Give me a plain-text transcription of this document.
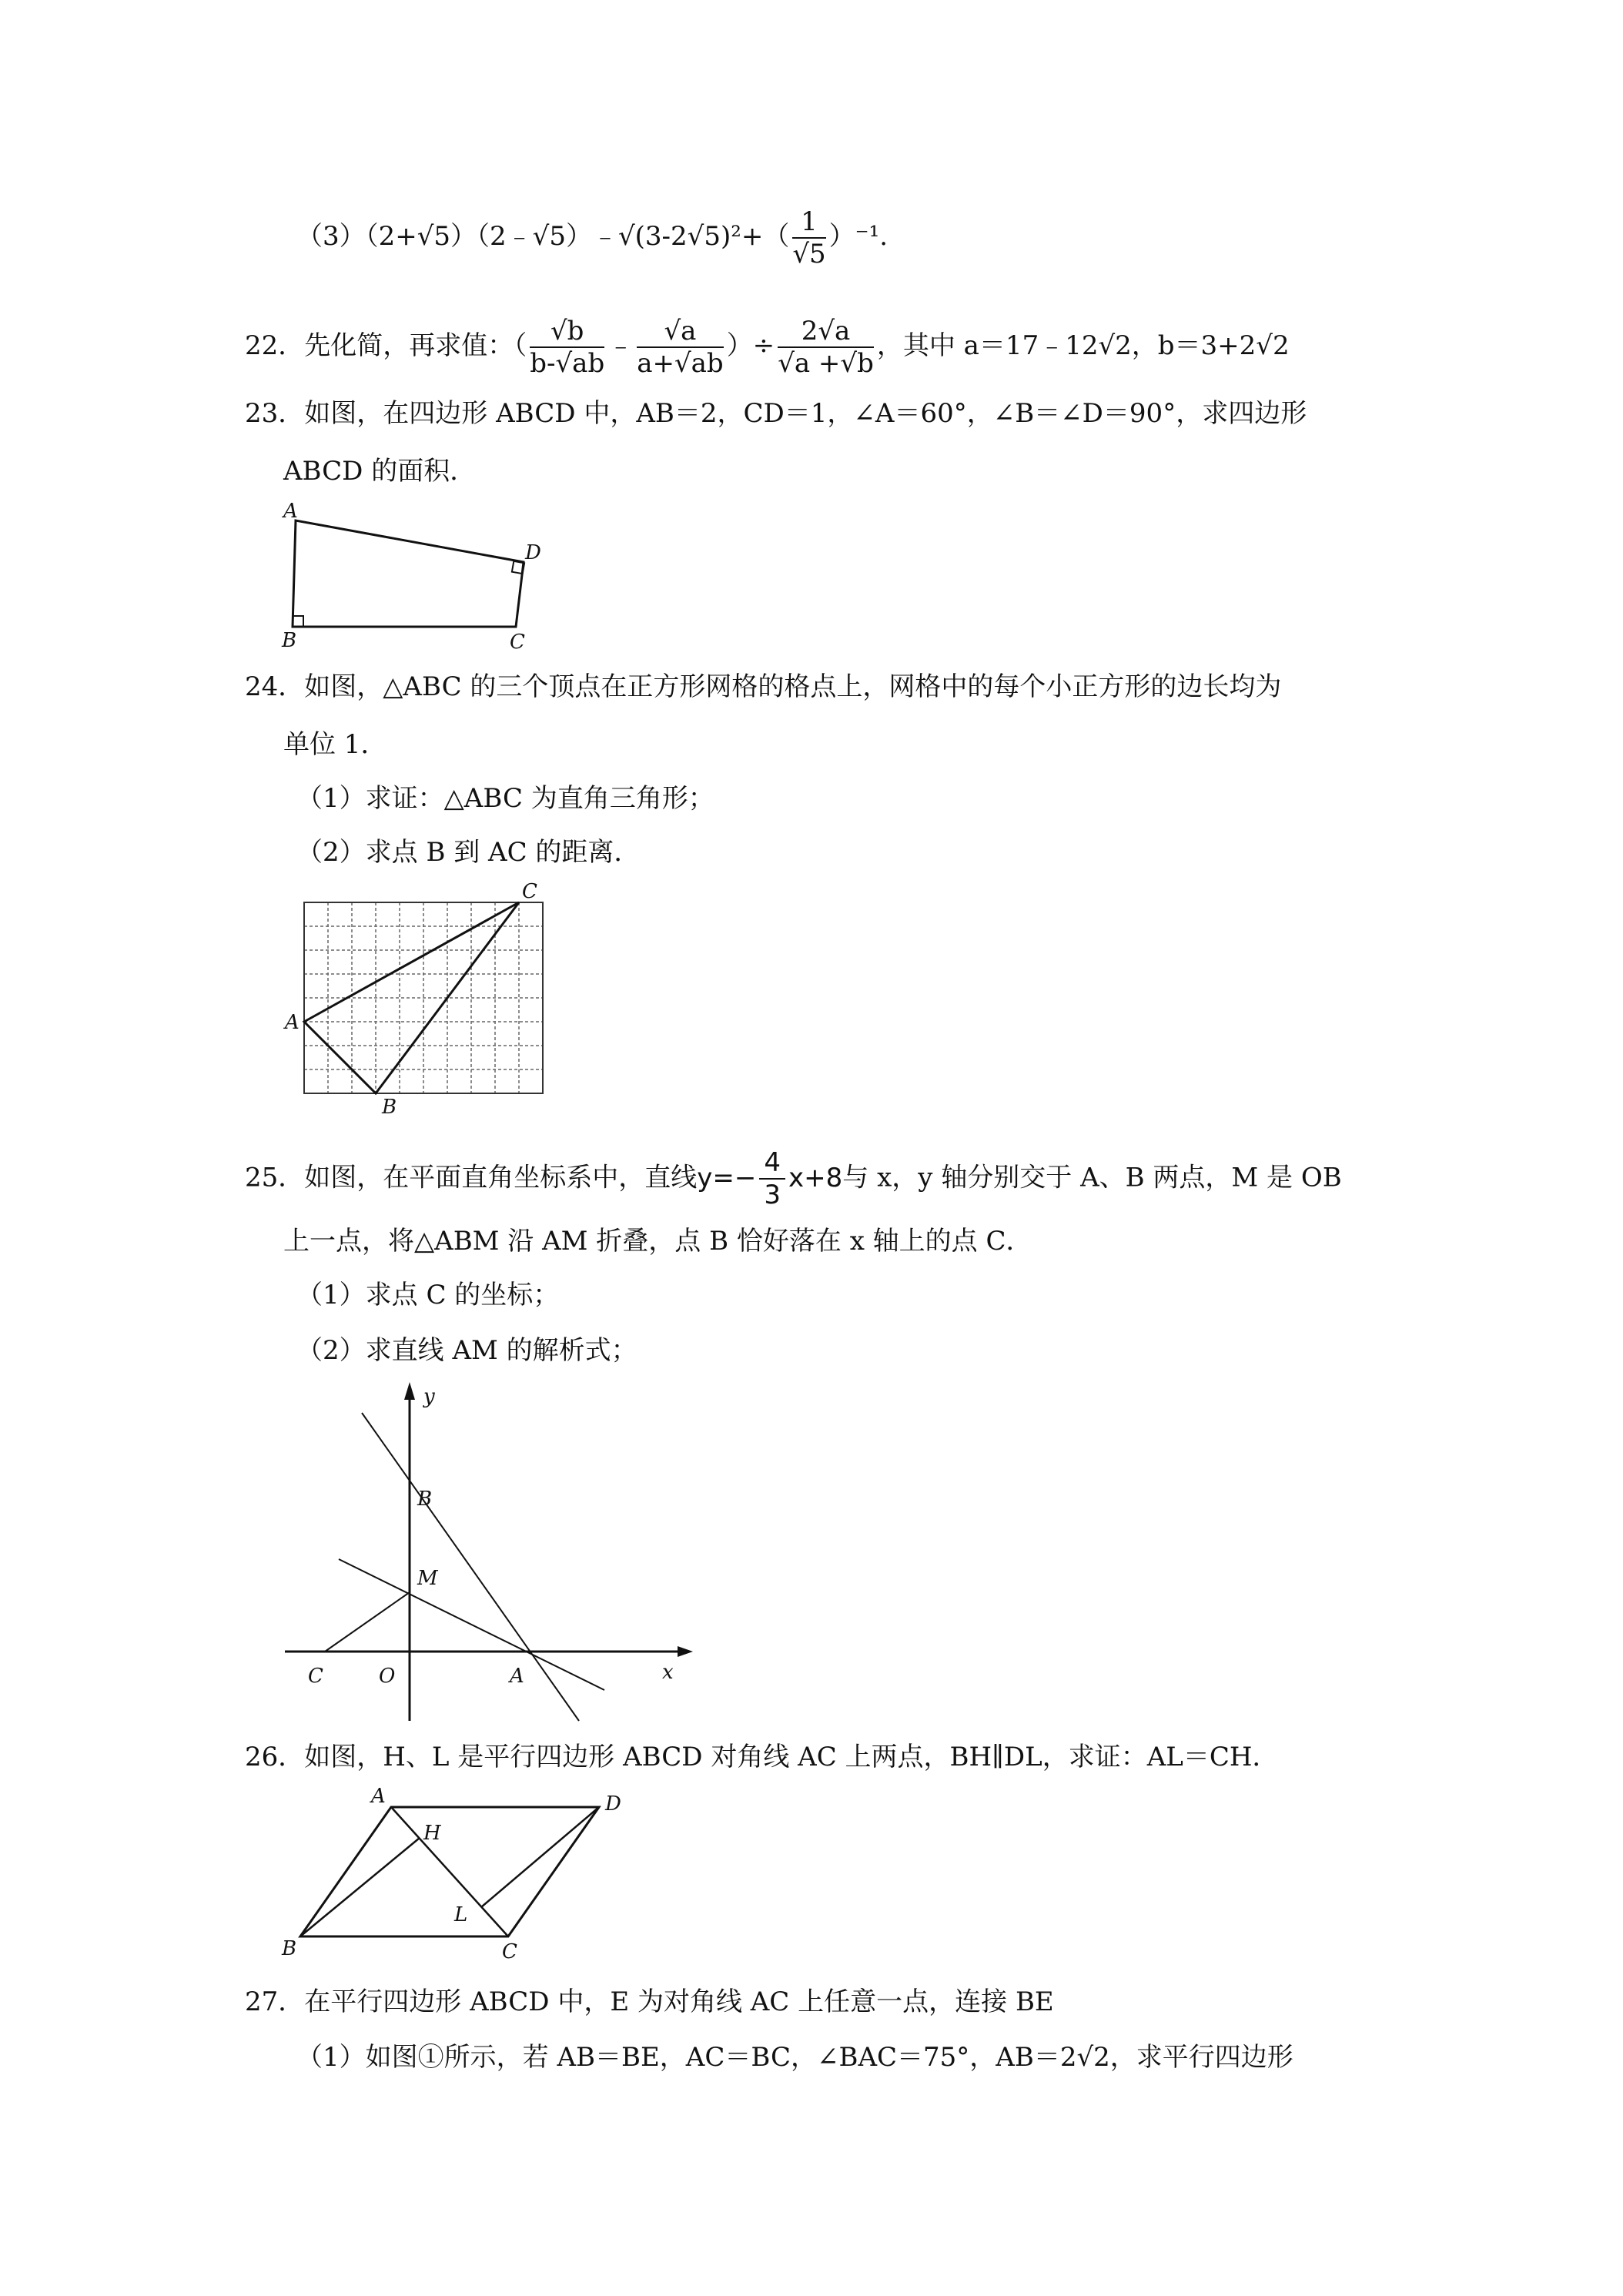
（3）（2+√5）（2﹣√5）﹣√(3-2√5)²+（ $\frac{1}{√5} )^{-1}$.
22．先化简，再求值：（ $\frac{√b}{b-√ab}$ ﹣ $\frac{√a}{a+√ab}$ ）÷ $\frac{2√a}{√a +√b}$ ，其中 a＝17﹣12√2，b＝3+2√2
23．如图，在四边形 ABCD 中，AB＝2，CD＝1，∠A＝60°，∠B＝∠D＝90°，求四边形
ABCD 的面积．
A
B	C
D
24．如图，△ABC 的三个顶点在正方形网格的格点上，网格中的每个小正方形的边长均为
单位 1．
（1）求证：△ABC 为直角三角形；
（2）求点 B 到 AC 的距离．
A
B
C
25．如图，在平面直角坐标系中，直线$y=- \frac{4}{3} x+8$与 x，y 轴分别交于 A、B 两点，M 是 OB
上一点，将△ABM 沿 AM 折叠，点 B 恰好落在 x 轴上的点 C．
（1）求点 C 的坐标；
（2）求直线 AM 的解析式；
y
x
B
M
C	O	A
26．如图，H、L 是平行四边形 ABCD 对角线 AC 上两点，BH∥DL，求证：AL＝CH．
A	D
H
L
B	C
27．在平行四边形 ABCD 中，E 为对角线 AC 上任意一点，连接 BE
（1）如图①所示，若 AB＝BE，AC＝BC，∠BAC＝75°，AB＝2√2，求平行四边形
